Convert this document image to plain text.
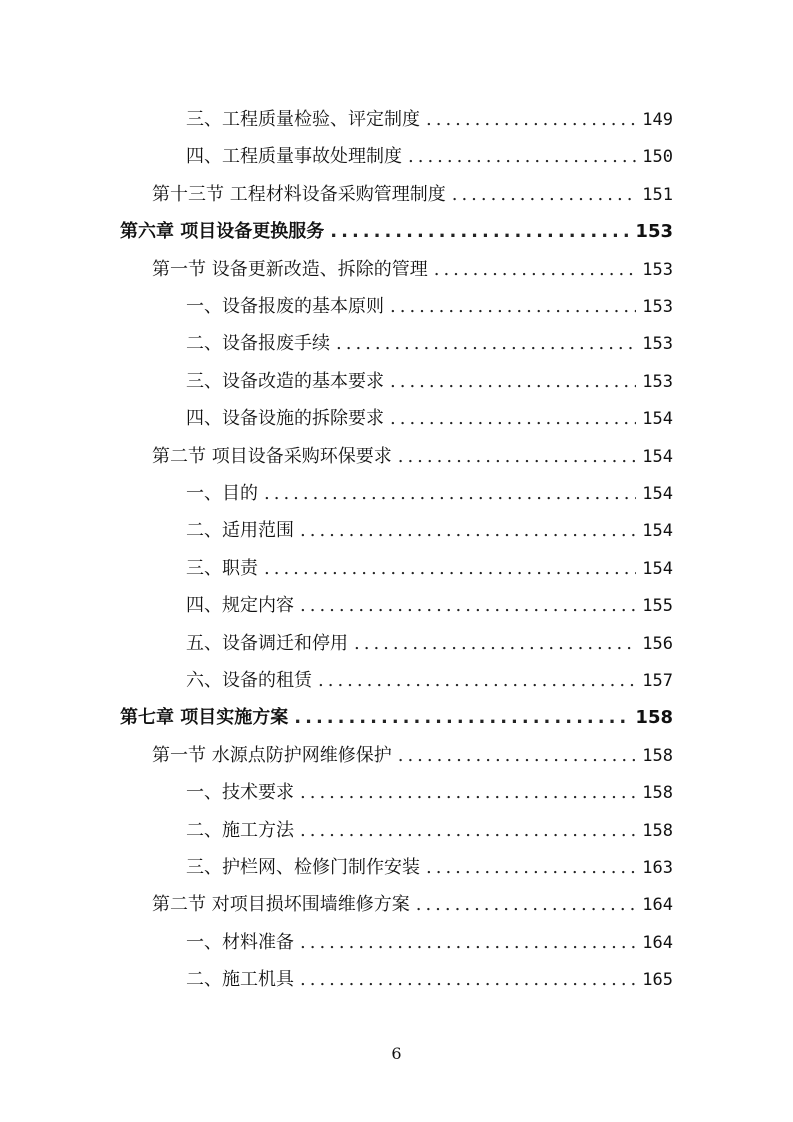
三、工程质量检验、评定制度 .....	149
四、工程质量事故处理制度 .....	150
第十三节 工程材料设备采购管理制度 .....	151
第六章 项目设备更换服务 .....	153
第一节 设备更新改造、拆除的管理 .....	153
一、设备报废的基本原则 .....	153
二、设备报废手续 .....	153
三、设备改造的基本要求 .....	153
四、设备设施的拆除要求 .....	154
第二节 项目设备采购环保要求 .....	154
一、目的 .....	154
二、适用范围 .....	154
三、职责 .....	154
四、规定内容 .....	155
五、设备调迁和停用 .....	156
六、设备的租赁 .....	157
第七章 项目实施方案 .....	158
第一节 水源点防护网维修保护 .....	158
一、技术要求 .....	158
二、施工方法 .....	158
三、护栏网、检修门制作安装 .....	163
第二节 对项目损坏围墙维修方案 .....	164
一、材料准备 .....	164
二、施工机具 .....	165
6
